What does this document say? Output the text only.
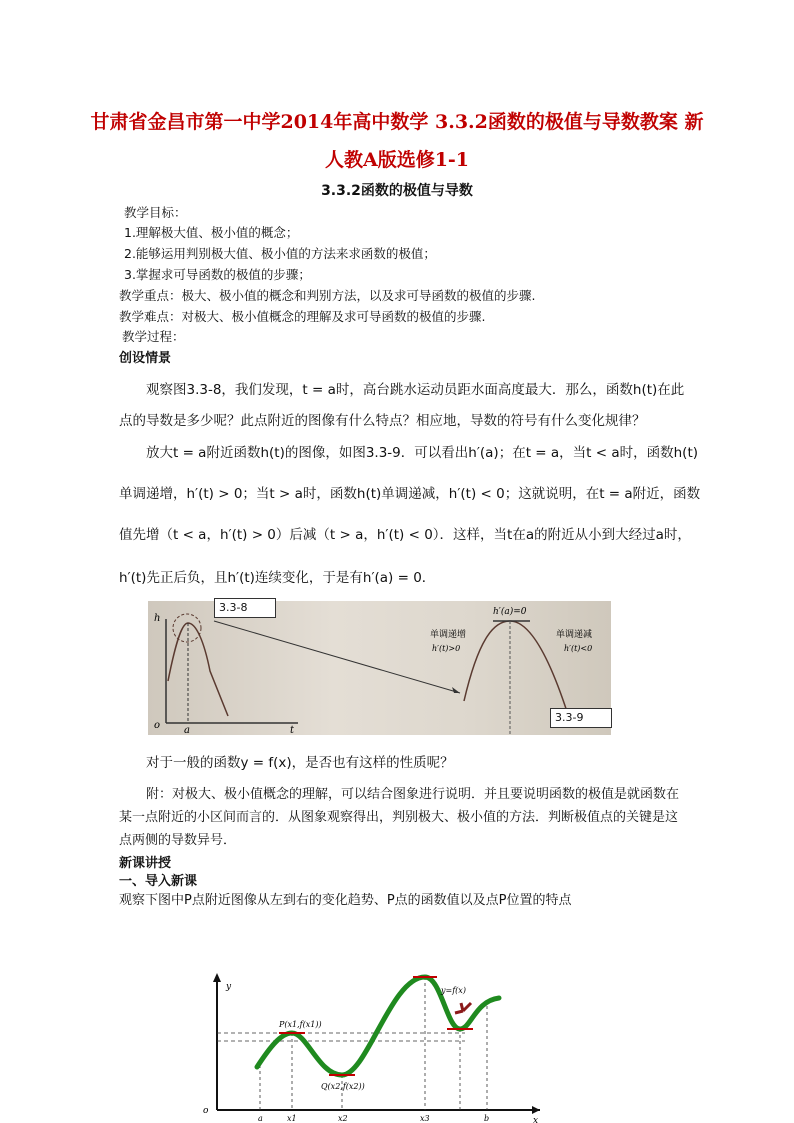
甘肃省金昌市第一中学2014年高中数学 3.3.2函数的极值与导数教案 新
人教A版选修1-1
3.3.2函数的极值与导数
教学目标：
1.理解极大值、极小值的概念；
2.能够运用判别极大值、极小值的方法来求函数的极值；
3.掌握求可导函数的极值的步骤；
教学重点：极大、极小值的概念和判别方法，以及求可导函数的极值的步骤.
教学难点：对极大、极小值概念的理解及求可导函数的极值的步骤.
教学过程：
创设情景
观察图3.3-8，我们发现，t = a时，高台跳水运动员距水面高度最大．那么，函数h(t)在此
点的导数是多少呢？此点附近的图像有什么特点？相应地，导数的符号有什么变化规律？
放大t = a附近函数h(t)的图像，如图3.3-9．可以看出h′(a)；在t = a，当t < a时，函数h(t)
单调递增，h′(t) > 0；当t > a时，函数h(t)单调递减，h′(t) < 0；这就说明，在t = a附近，函数
值先增（t < a，h′(t) > 0）后减（t > a，h′(t) < 0）．这样，当t在a的附近从小到大经过a时，
h′(t)先正后负，且h′(t)连续变化，于是有h′(a) = 0．
h
t
o a
h′(a)=0
单调递增
h′(t)>0
单调递减
h′(t)<0
3.3-8
3.3-9
对于一般的函数y = f(x)，是否也有这样的性质呢？
附：对极大、极小值概念的理解，可以结合图象进行说明．并且要说明函数的极值是就函数在
某一点附近的小区间而言的．从图象观察得出，判别极大、极小值的方法．判断极值点的关键是这
点两侧的导数异号．
新课讲授
一、导入新课
观察下图中P点附近图像从左到右的变化趋势、P点的函数值以及点P位置的特点
y
x
o
P(x1,f(x1))
Q(x2,f(x2))
y=f(x)
a	x1	x2	x3	b
